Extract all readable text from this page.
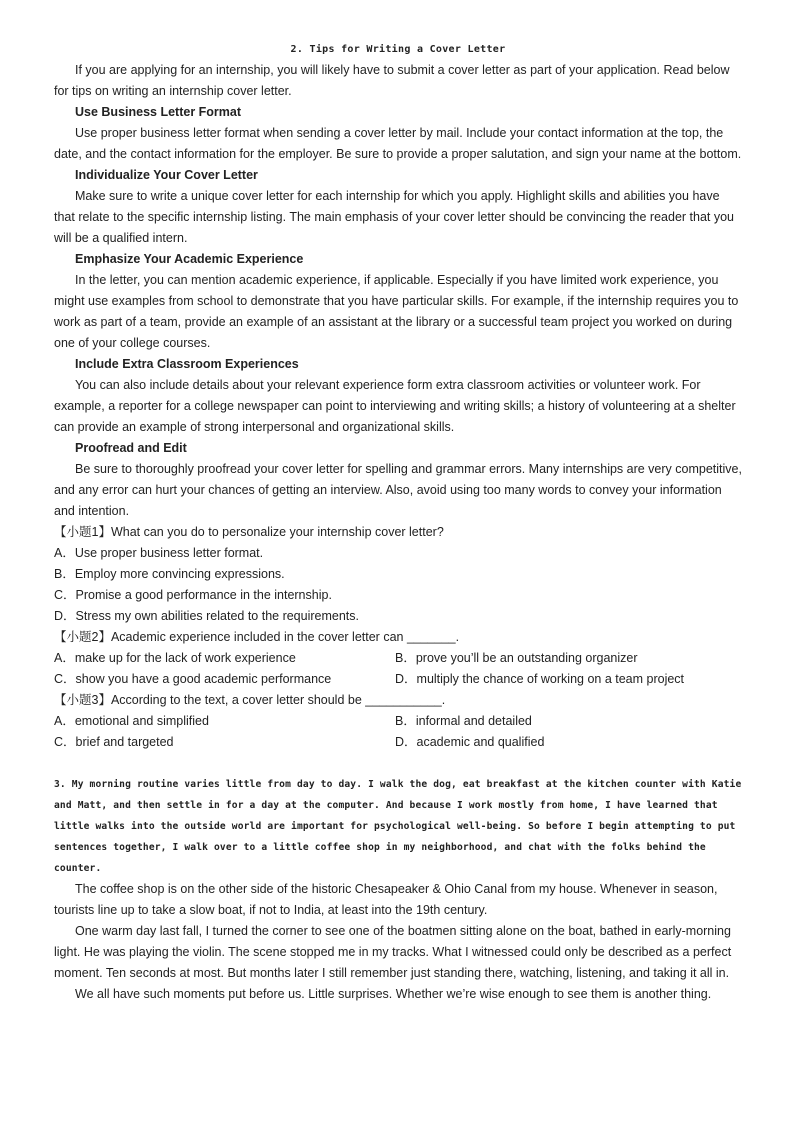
2. Tips for Writing a Cover Letter

If you are applying for an internship, you will likely have to submit a cover letter as part of your application. Read below for tips on writing an internship cover letter.

Use Business Letter Format

Use proper business letter format when sending a cover letter by mail. Include your contact information at the top, the date, and the contact information for the employer. Be sure to provide a proper salutation, and sign your name at the bottom.

Individualize Your Cover Letter

Make sure to write a unique cover letter for each internship for which you apply. Highlight skills and abilities you have that relate to the specific internship listing. The main emphasis of your cover letter should be convincing the reader that you will be a qualified intern.

Emphasize Your Academic Experience

In the letter, you can mention academic experience, if applicable. Especially if you have limited work experience, you might use examples from school to demonstrate that you have particular skills. For example, if the internship requires you to work as part of a team, provide an example of an assistant at the library or a successful team project you worked on during one of your college courses.

Include Extra Classroom Experiences

You can also include details about your relevant experience form extra classroom activities or volunteer work. For example, a reporter for a college newspaper can point to interviewing and writing skills; a history of volunteering at a shelter can provide an example of strong interpersonal and organizational skills.

Proofread and Edit

Be sure to thoroughly proofread your cover letter for spelling and grammar errors. Many internships are very competitive, and any error can hurt your chances of getting an interview. Also, avoid using too many words to convey your information and intention.

【小题1】What can you do to personalize your internship cover letter?

A．Use proper business letter format.

B．Employ more convincing expressions.

C．Promise a good performance in the internship.

D．Stress my own abilities related to the requirements.

【小题2】Academic experience included in the cover letter can _______.

A．make up for the lack of work experience	B．prove you’ll be an outstanding organizer
C．show you have a good academic performance	D．multiply the chance of working on a team project

【小题3】According to the text, a cover letter should be ___________.

A．emotional and simplified	B．informal and detailed
C．brief and targeted	D．academic and qualified

3. My morning routine varies little from day to day. I walk the dog, eat breakfast at the kitchen counter with Katie and Matt, and then settle in for a day at the computer. And because I work mostly from home, I have learned that little walks into the outside world are important for psychological well-being. So before I begin attempting to put sentences together, I walk over to a little coffee shop in my neighborhood, and chat with the folks behind the counter.

The coffee shop is on the other side of the historic Chesapeaker & Ohio Canal from my house. Whenever in season, tourists line up to take a slow boat, if not to India, at least into the 19th century.

One warm day last fall, I turned the corner to see one of the boatmen sitting alone on the boat, bathed in early-morning light. He was playing the violin. The scene stopped me in my tracks. What I witnessed could only be described as a perfect moment. Ten seconds at most. But months later I still remember just standing there, watching, listening, and taking it all in.

We all have such moments put before us. Little surprises. Whether we’re wise enough to see them is another thing.
